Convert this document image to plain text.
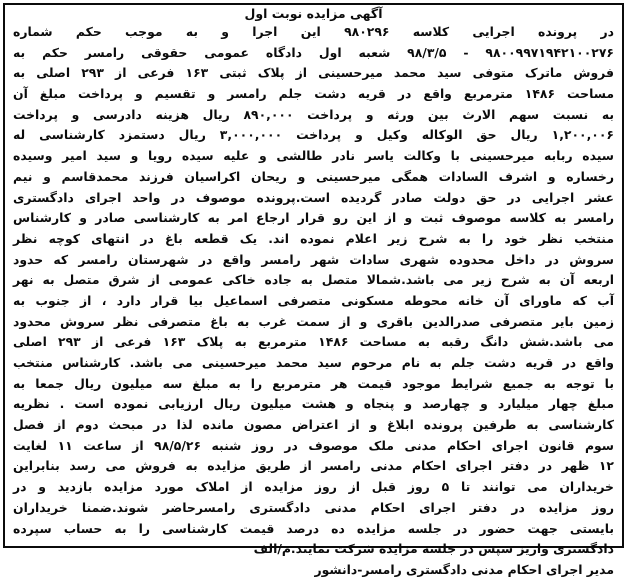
آگهی مزایده نوبت اول
در پرونده اجرایی کلاسه ۹۸۰۲۹۶ این اجرا و به موجب حکم شماره
۹۸۰۰۹۹۷۱۹۴۲۱۰۰۲۷۶ - ۹۸/۳/۵ شعبه اول دادگاه عمومی حقوقی رامسر حکم به
فروش ماترک متوفی سید محمد میرحسینی از پلاک ثبتی ۱۶۳ فرعی از ۲۹۳ اصلی به
مساحت ۱۴۸۶ مترمربع واقع در قریه دشت جلم رامسر و تقسیم و پرداخت مبلغ آن
به نسبت سهم الارث بین ورثه و پرداخت ۸۹۰,۰۰۰ ریال هزینه دادرسی و پرداخت
۱,۲۰۰,۰۰۶ ریال حق الوکاله وکیل و پرداخت ۳,۰۰۰,۰۰۰ ریال دستمزد کارشناسی له
سیده ربابه میرحسینی با وکالت یاسر نادر طالشی و علیه سیده رویا و سید امیر وسیده
رخساره و اشرف السادات همگی میرحسینی و ریحان اکراسیان فرزند محمدقاسم و نیم
عشر اجرایی در حق دولت صادر گردیده است.پرونده موصوف در واحد اجرای دادگستری
رامسر به کلاسه موصوف ثبت و از این رو قرار ارجاع امر به کارشناسی صادر و کارشناس
منتخب نظر خود را به شرح زیر اعلام نموده اند. یک قطعه باغ در انتهای کوچه نظر
سروش در داخل محدوده شهری سادات شهر رامسر واقع در شهرستان رامسر که حدود
اربعه آن به شرح زیر می باشد.شمالا متصل به جاده خاکی عمومی از شرق متصل به نهر
آب که ماورای آن خانه محوطه مسکونی متصرفی اسماعیل بیا قرار دارد ، از جنوب به
زمین بایر متصرفی صدرالدین باقری و از سمت غرب به باغ متصرفی نظر سروش محدود
می باشد.شش دانگ رقبه به مساحت ۱۴۸۶ مترمربع به پلاک ۱۶۳ فرعی از ۲۹۳ اصلی
واقع در قریه دشت جلم به نام مرحوم سید محمد میرحسینی می باشد. کارشناس منتخب
با توجه به جمیع شرایط موجود قیمت هر مترمربع را به مبلغ سه میلیون ریال جمعا به
مبلغ چهار میلیارد و چهارصد و پنجاه و هشت میلیون ریال ارزیابی نموده است . نظریه
کارشناسی به طرفین پرونده ابلاغ و از اعتراض مصون مانده لذا در مبحث دوم از فصل
سوم قانون اجرای احکام مدنی ملک موصوف در روز شنبه ۹۸/۵/۲۶ از ساعت ۱۱ لغایت
۱۲ ظهر در دفتر اجرای احکام مدنی رامسر از طریق مزایده به فروش می رسد بنابراین
خریداران می توانند تا ۵ روز قبل از روز مزایده از املاک مورد مزایده بازدید و در
روز مزایده در دفتر اجرای احکام مدنی دادگستری رامسرحاضر شوند.ضمنا خریداران
بایستی جهت حضور در جلسه مزایده ده درصد قیمت کارشناسی را به حساب سپرده
دادگستری واریز سپس در جلسه مزایده شرکت نمایند.م/الف
مدیر اجرای احکام مدنی دادگستری رامسر-دانشور
